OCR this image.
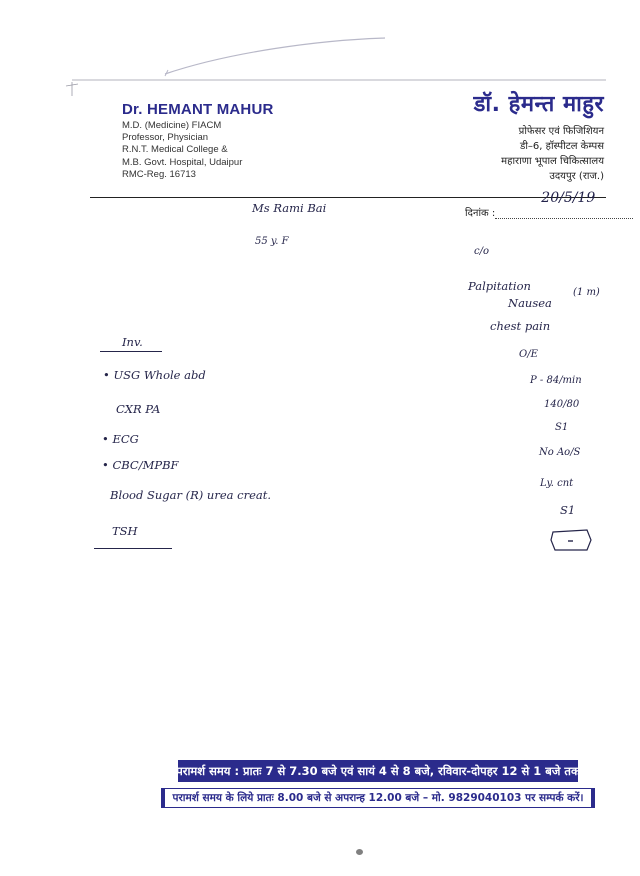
Dr. HEMANT MAHUR
M.D. (Medicine) FIACM
Professor, Physician
R.N.T. Medical College &
M.B. Govt. Hospital, Udaipur
RMC-Reg. 16713
डॉ. हेमन्त माहुर
प्रोफेसर एवं फिजिशियन
डी–6, हॉस्पीटल केम्पस
महाराणा भूपाल चिकित्सालय
उदयपुर (राज.)
दिनांक :
20/5/19
Ms Rami Bai
55 y. F
Inv.
• USG Whole abd
CXR PA
• ECG
• CBC/MPBF
Blood Sugar (R) urea creat.
TSH
c/o
Palpitation
Nausea
(1 m)
chest pain
O/E
P - 84/min
140/80
S1
No Ao/S
Ly. cnt
S1
परामर्श समय : प्रातः 7 से 7.30 बजे एवं सायं 4 से 8 बजे, रविवार-दोपहर 12 से 1 बजे तक
परामर्श समय के लिये प्रातः 8.00 बजे से अपरान्ह 12.00 बजे – मो. 9829040103 पर सम्पर्क करें।
